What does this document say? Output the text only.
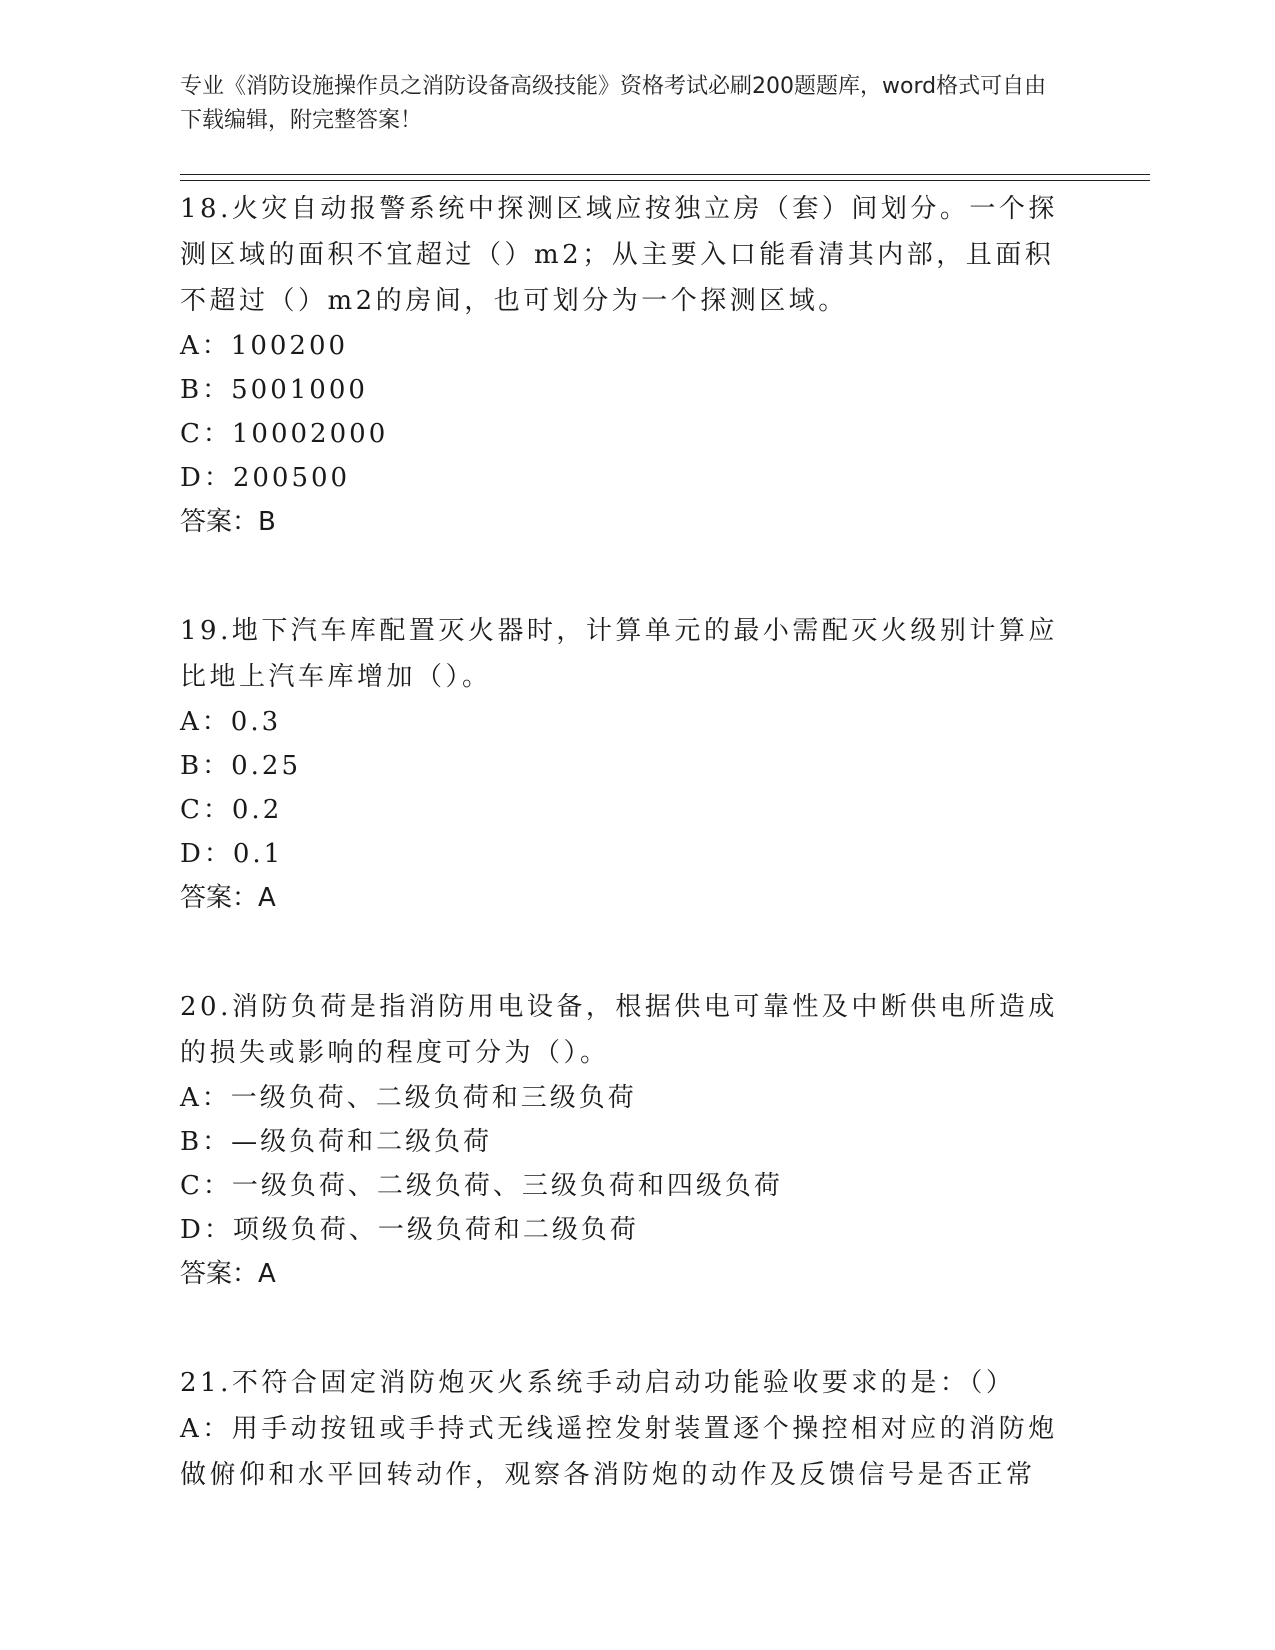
专业《消防设施操作员之消防设备高级技能》资格考试必刷200题题库，word格式可自由下载编辑，附完整答案！

18.火灾自动报警系统中探测区域应按独立房（套）间划分。一个探测区域的面积不宜超过（）m2；从主要入口能看清其内部，且面积不超过（）m2的房间，也可划分为一个探测区域。

A：100200

B：5001000

C：10002000

D：200500

答案：B

19.地下汽车库配置灭火器时，计算单元的最小需配灭火级别计算应比地上汽车库增加（）。

A：0.3

B：0.25

C：0.2

D：0.1

答案：A

20.消防负荷是指消防用电设备，根据供电可靠性及中断供电所造成的损失或影响的程度可分为（）。

A：一级负荷、二级负荷和三级负荷

B：—级负荷和二级负荷

C：一级负荷、二级负荷、三级负荷和四级负荷

D：项级负荷、一级负荷和二级负荷

答案：A

21.不符合固定消防炮灭火系统手动启动功能验收要求的是：（）

A：用手动按钮或手持式无线遥控发射装置逐个操控相对应的消防炮做俯仰和水平回转动作，观察各消防炮的动作及反馈信号是否正常
